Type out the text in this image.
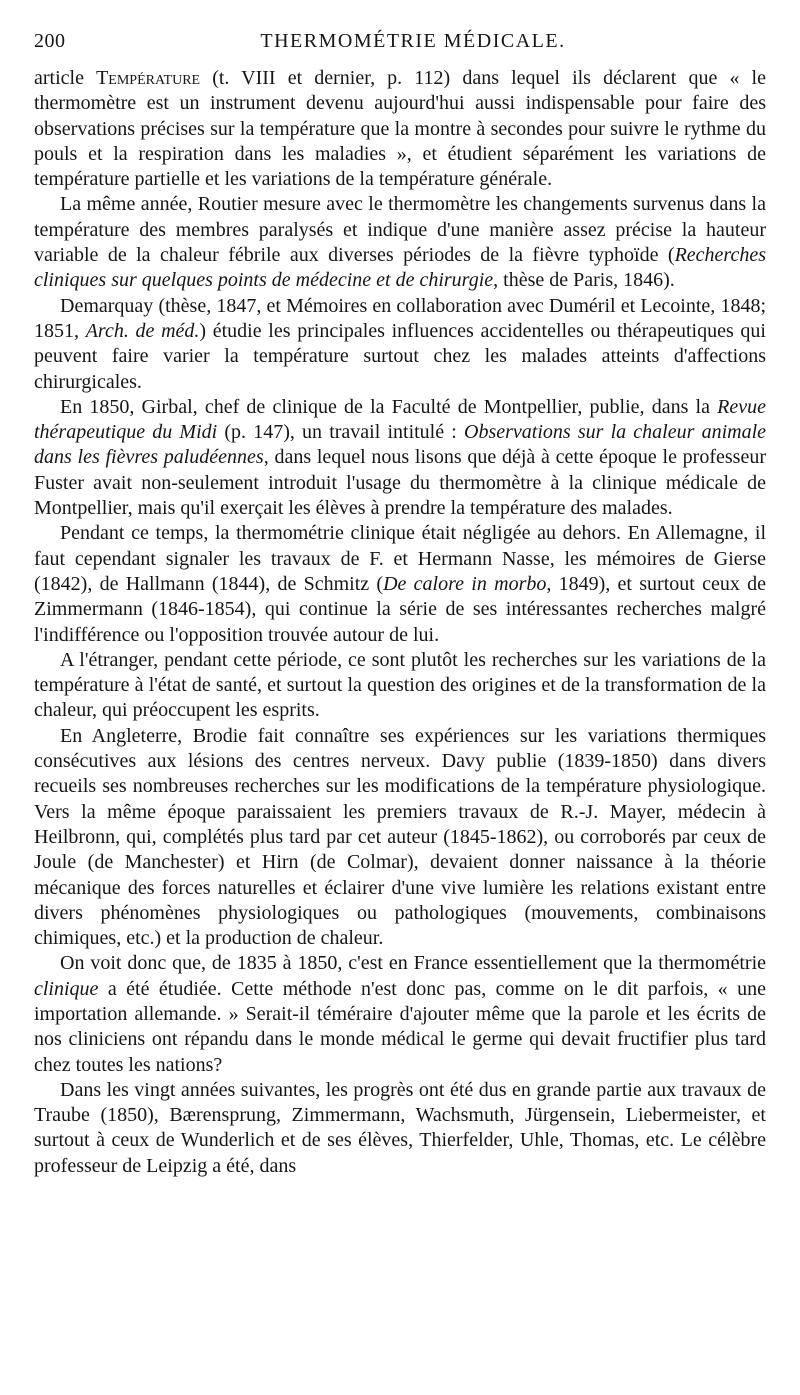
200	THERMOMÉTRIE MÉDICALE.

article Température (t. VIII et dernier, p. 112) dans lequel ils déclarent que « le thermomètre est un instrument devenu aujourd'hui aussi indispensable pour faire des observations précises sur la température que la montre à secondes pour suivre le rythme du pouls et la respiration dans les maladies », et étudient séparément les variations de température partielle et les variations de la température générale.

La même année, Routier mesure avec le thermomètre les changements survenus dans la température des membres paralysés et indique d'une manière assez précise la hauteur variable de la chaleur fébrile aux diverses périodes de la fièvre typhoïde (Recherches cliniques sur quelques points de médecine et de chirurgie, thèse de Paris, 1846).

Demarquay (thèse, 1847, et Mémoires en collaboration avec Duméril et Lecointe, 1848; 1851, Arch. de méd.) étudie les principales influences accidentelles ou thérapeutiques qui peuvent faire varier la température surtout chez les malades atteints d'affections chirurgicales.

En 1850, Girbal, chef de clinique de la Faculté de Montpellier, publie, dans la Revue thérapeutique du Midi (p. 147), un travail intitulé : Observations sur la chaleur animale dans les fièvres paludéennes, dans lequel nous lisons que déjà à cette époque le professeur Fuster avait non-seulement introduit l'usage du thermomètre à la clinique médicale de Montpellier, mais qu'il exerçait les élèves à prendre la température des malades.

Pendant ce temps, la thermométrie clinique était négligée au dehors. En Allemagne, il faut cependant signaler les travaux de F. et Hermann Nasse, les mémoires de Gierse (1842), de Hallmann (1844), de Schmitz (De calore in morbo, 1849), et surtout ceux de Zimmermann (1846-1854), qui continue la série de ses intéressantes recherches malgré l'indifférence ou l'opposition trouvée autour de lui.

A l'étranger, pendant cette période, ce sont plutôt les recherches sur les variations de la température à l'état de santé, et surtout la question des origines et de la transformation de la chaleur, qui préoccupent les esprits.

En Angleterre, Brodie fait connaître ses expériences sur les variations thermiques consécutives aux lésions des centres nerveux. Davy publie (1839-1850) dans divers recueils ses nombreuses recherches sur les modifications de la température physiologique. Vers la même époque paraissaient les premiers travaux de R.-J. Mayer, médecin à Heilbronn, qui, complétés plus tard par cet auteur (1845-1862), ou corroborés par ceux de Joule (de Manchester) et Hirn (de Colmar), devaient donner naissance à la théorie mécanique des forces naturelles et éclairer d'une vive lumière les relations existant entre divers phénomènes physiologiques ou pathologiques (mouvements, combinaisons chimiques, etc.) et la production de chaleur.

On voit donc que, de 1835 à 1850, c'est en France essentiellement que la thermométrie clinique a été étudiée. Cette méthode n'est donc pas, comme on le dit parfois, « une importation allemande. » Serait-il téméraire d'ajouter même que la parole et les écrits de nos cliniciens ont répandu dans le monde médical le germe qui devait fructifier plus tard chez toutes les nations?

Dans les vingt années suivantes, les progrès ont été dus en grande partie aux travaux de Traube (1850), Bærensprung, Zimmermann, Wachsmuth, Jürgensein, Liebermeister, et surtout à ceux de Wunderlich et de ses élèves, Thierfelder, Uhle, Thomas, etc. Le célèbre professeur de Leipzig a été, dans
